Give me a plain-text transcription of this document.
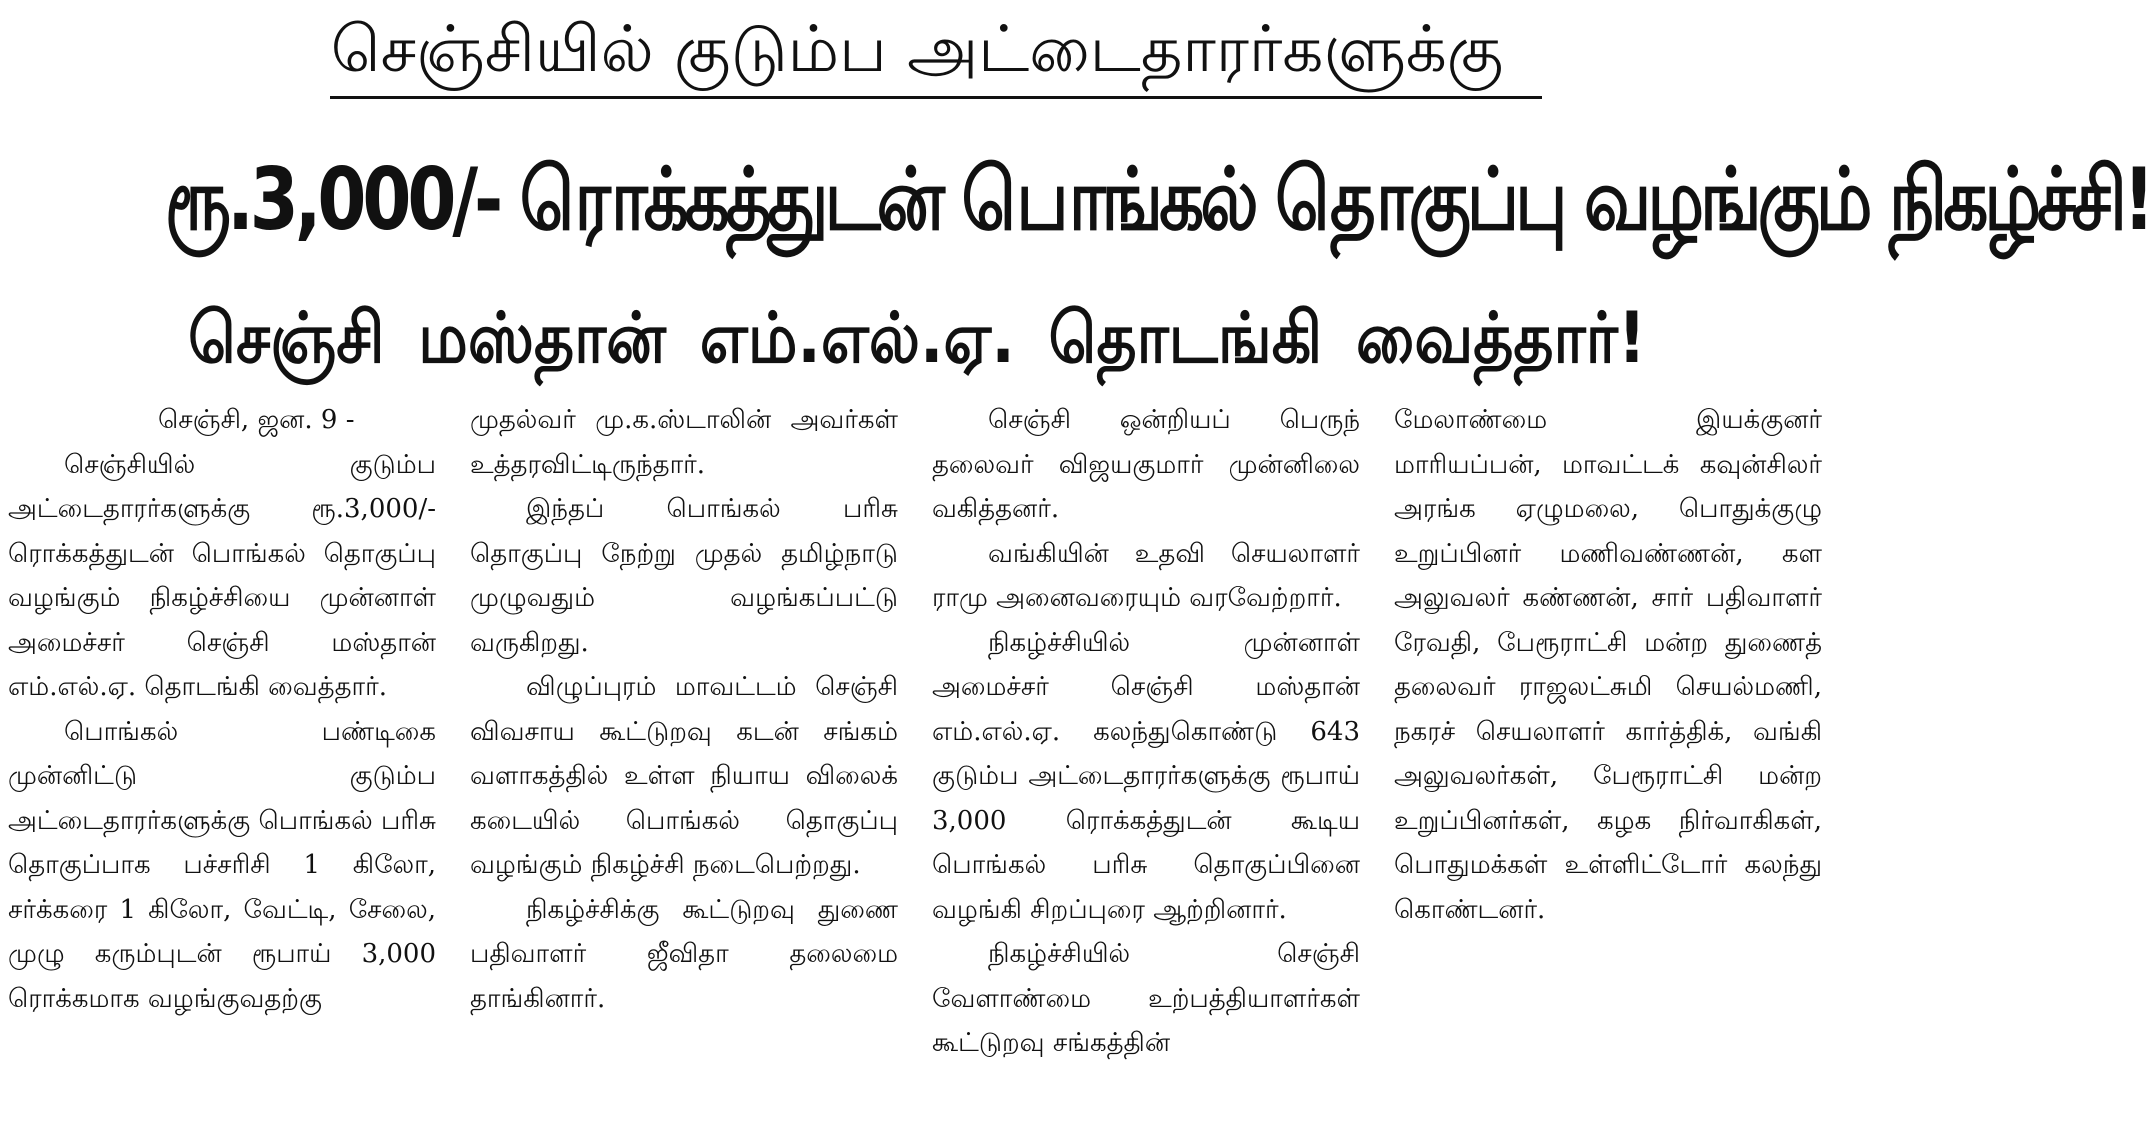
செஞ்சியில் குடும்ப அட்டைதாரர்களுக்கு
ரூ.3,000/- ரொக்கத்துடன் பொங்கல் தொகுப்பு வழங்கும் நிகழ்ச்சி!
செஞ்சி மஸ்தான் எம்.எல்.ஏ. தொடங்கி வைத்தார்!

செஞ்சி, ஜன. 9 -

செஞ்சியில் குடும்ப அட்டைதாரர்களுக்கு ரூ.3,000/- ரொக்கத்துடன் பொங்கல் தொகுப்பு வழங்கும் நிகழ்ச்சியை முன்னாள் அமைச்சர் செஞ்சி மஸ்தான் எம்.எல்.ஏ. தொடங்கி வைத்தார்.

பொங்கல் பண்டிகை முன்னிட்டு குடும்ப அட்டைதாரர்களுக்கு பொங்கல் பரிசு தொகுப்பாக பச்சரிசி 1 கிலோ, சர்க்கரை 1 கிலோ, வேட்டி, சேலை, முழு கரும்புடன் ரூபாய் 3,000 ரொக்கமாக வழங்குவதற்கு

முதல்வர் மு.க.ஸ்டாலின் அவர்கள் உத்தரவிட்டிருந்தார்.

இந்தப் பொங்கல் பரிசு தொகுப்பு நேற்று முதல் தமிழ்நாடு முழுவதும் வழங்கப்பட்டு வருகிறது.

விழுப்புரம் மாவட்டம் செஞ்சி விவசாய கூட்டுறவு கடன் சங்கம் வளாகத்தில் உள்ள நியாய விலைக் கடையில் பொங்கல் தொகுப்பு வழங்கும் நிகழ்ச்சி நடைபெற்றது.

நிகழ்ச்சிக்கு கூட்டுறவு துணை பதிவாளர் ஜீவிதா தலைமை தாங்கினார்.

செஞ்சி ஒன்றியப் பெருந் தலைவர் விஜயகுமார் முன்னிலை வகித்தனர்.

வங்கியின் உதவி செயலாளர் ராமு அனைவரையும் வரவேற்றார்.

நிகழ்ச்சியில் முன்னாள் அமைச்சர் செஞ்சி மஸ்தான் எம்.எல்.ஏ. கலந்துகொண்டு 643 குடும்ப அட்டைதாரர்களுக்கு ரூபாய் 3,000 ரொக்கத்துடன் கூடிய பொங்கல் பரிசு தொகுப்பினை வழங்கி சிறப்புரை ஆற்றினார்.

நிகழ்ச்சியில் செஞ்சி வேளாண்மை உற்பத்தியாளர்கள் கூட்டுறவு சங்கத்தின்

மேலாண்மை இயக்குனர் மாரியப்பன், மாவட்டக் கவுன்சிலர் அரங்க ஏழுமலை, பொதுக்குழு உறுப்பினர் மணிவண்ணன், கள அலுவலர் கண்ணன், சார் பதிவாளர் ரேவதி, பேரூராட்சி மன்ற துணைத் தலைவர் ராஜலட்சுமி செயல்மணி, நகரச் செயலாளர் கார்த்திக், வங்கி அலுவலர்கள், பேரூராட்சி மன்ற உறுப்பினர்கள், கழக நிர்வாகிகள், பொதுமக்கள் உள்ளிட்டோர் கலந்து கொண்டனர்.
